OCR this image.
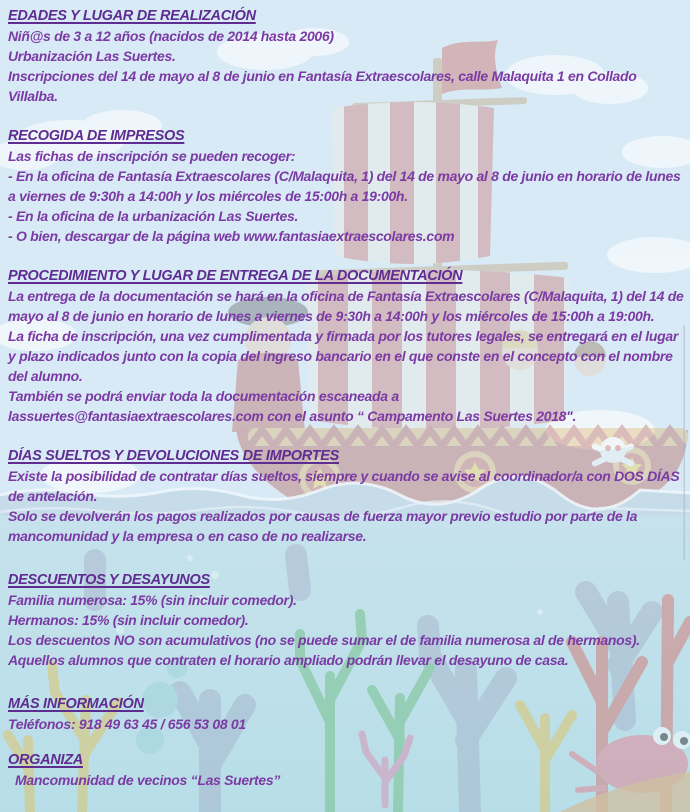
EDADES Y LUGAR DE REALIZACIÓN

Niñ@s de 3 a 12 años (nacidos de 2014 hasta 2006)

Urbanización Las Suertes.

Inscripciones del 14 de mayo al 8 de junio en Fantasía Extraescolares, calle Malaquita 1 en Collado Villalba.

RECOGIDA DE IMPRESOS

Las fichas de inscripción se pueden recoger:

- En la oficina de Fantasía Extraescolares (C/Malaquita, 1) del 14 de mayo al 8 de junio en horario de lunes a viernes de 9:30h a 14:00h y los miércoles de 15:00h a 19:00h.

- En la oficina de la urbanización Las Suertes.

- O bien, descargar de la página web www.fantasiaextraescolares.com

PROCEDIMIENTO Y LUGAR DE ENTREGA DE LA DOCUMENTACIÓN

La entrega de la documentación se hará en la oficina de Fantasía Extraescolares (C/Malaquita, 1) del 14 de mayo al 8 de junio en horario de lunes a viernes de 9:30h a 14:00h y los miércoles de 15:00h a 19:00h.

La ficha de inscripción, una vez cumplimentada y firmada por los tutores legales, se entregará en el lugar y plazo indicados junto con la copia del ingreso bancario en el que conste en el concepto con el nombre del alumno.

También se podrá enviar toda la documentación escaneada a

lassuertes@fantasiaextraescolares.com con el asunto “ Campamento Las Suertes 2018".

DÍAS SUELTOS Y DEVOLUCIONES DE IMPORTES

Existe la posibilidad de contratar días sueltos, siempre y cuando se avise al coordinador/a con DOS DÍAS de antelación.

Solo se devolverán los pagos realizados por causas de fuerza mayor previo estudio por parte de la mancomunidad y la empresa o en caso de no realizarse.

DESCUENTOS Y DESAYUNOS

Familia numerosa: 15% (sin incluir comedor).

Hermanos: 15% (sin incluir comedor).

Los descuentos NO son acumulativos (no se puede sumar el de familia numerosa al de hermanos).

Aquellos alumnos que contraten el horario ampliado podrán llevar el desayuno de casa.

MÁS INFORMACIÓN

Teléfonos: 918 49 63 45 / 656 53 08 01

ORGANIZA

Mancomunidad de vecinos “Las Suertes”
